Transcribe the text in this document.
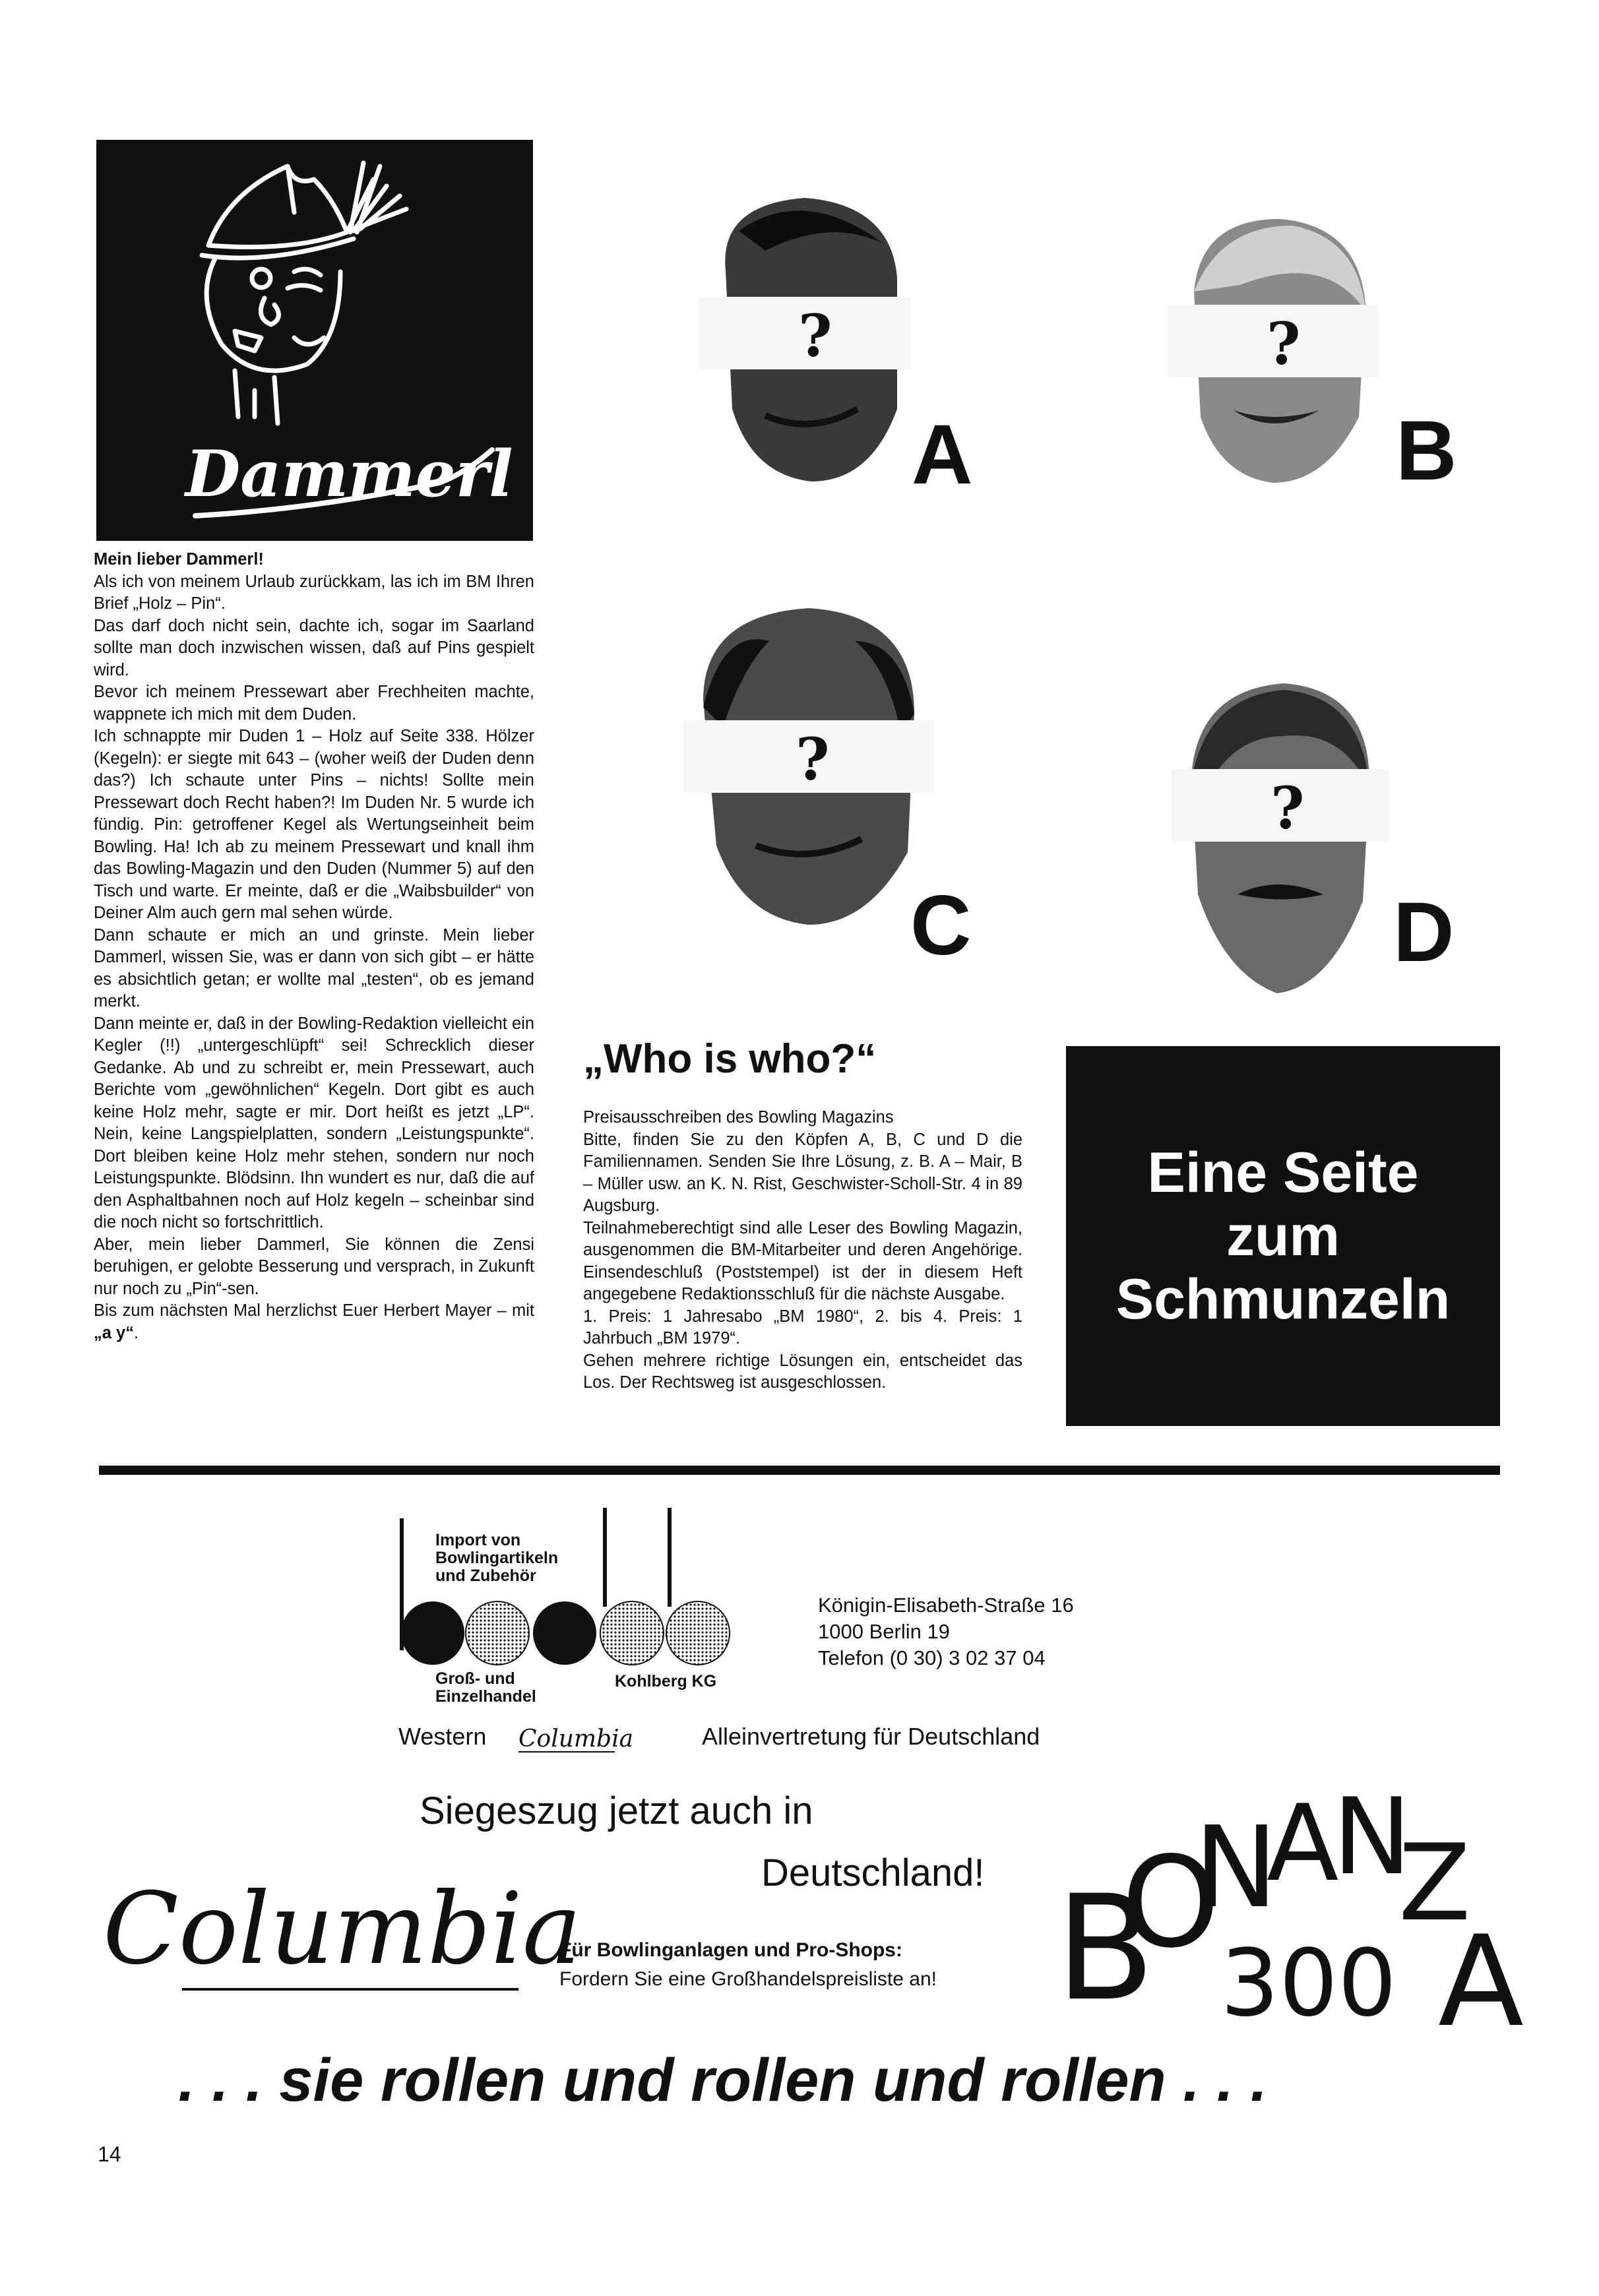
Dammerl

Mein lieber Dammerl!

Als ich von meinem Urlaub zurückkam, las ich im BM Ihren Brief „Holz – Pin“.

Das darf doch nicht sein, dachte ich, sogar im Saarland sollte man doch inzwischen wissen, daß auf Pins gespielt wird.

Bevor ich meinem Pressewart aber Frechheiten machte, wappnete ich mich mit dem Duden.

Ich schnappte mir Duden 1 – Holz auf Seite 338. Hölzer (Kegeln): er siegte mit 643 – (woher weiß der Duden denn das?) Ich schaute unter Pins – nichts! Sollte mein Pressewart doch Recht haben?! Im Duden Nr. 5 wurde ich fündig. Pin: getroffener Kegel als Wertungseinheit beim Bowling. Ha! Ich ab zu meinem Pressewart und knall ihm das Bowling-Magazin und den Duden (Nummer 5) auf den Tisch und warte. Er meinte, daß er die „Waibsbuilder“ von Deiner Alm auch gern mal sehen würde.

Dann schaute er mich an und grinste. Mein lieber Dammerl, wissen Sie, was er dann von sich gibt – er hätte es absichtlich getan; er wollte mal „testen“, ob es jemand merkt.

Dann meinte er, daß in der Bowling-Redaktion vielleicht ein Kegler (!!) „untergeschlüpft“ sei! Schrecklich dieser Gedanke. Ab und zu schreibt er, mein Pressewart, auch Berichte vom „gewöhnlichen“ Kegeln. Dort gibt es auch keine Holz mehr, sagte er mir. Dort heißt es jetzt „LP“. Nein, keine Langspielplatten, sondern „Leistungspunkte“. Dort bleiben keine Holz mehr stehen, sondern nur noch Leistungspunkte. Blödsinn. Ihn wundert es nur, daß die auf den Asphaltbahnen noch auf Holz kegeln – scheinbar sind die noch nicht so fortschrittlich.

Aber, mein lieber Dammerl, Sie können die Zensi beruhigen, er gelobte Besserung und versprach, in Zukunft nur noch zu „Pin“-sen.

Bis zum nächsten Mal herzlichst Euer Herbert Mayer – mit „a y“.

?
A
?
B
?
C
?
D
„Who is who?“

Preisausschreiben des Bowling Magazins

Bitte, finden Sie zu den Köpfen A, B, C und D die Familiennamen. Senden Sie Ihre Lösung, z. B. A – Mair, B – Müller usw. an K. N. Rist, Geschwister-Scholl-Str. 4 in 89 Augsburg.

Teilnahmeberechtigt sind alle Leser des Bowling Magazin, ausgenommen die BM-Mitarbeiter und deren Angehörige. Einsendeschluß (Poststempel) ist der in diesem Heft angegebene Redaktionsschluß für die nächste Ausgabe.

1. Preis: 1 Jahresabo „BM 1980“, 2. bis 4. Preis: 1 Jahrbuch „BM 1979“.

Gehen mehrere richtige Lösungen ein, entscheidet das Los. Der Rechtsweg ist ausgeschlossen.

Eine Seite
zum
Schmunzeln
Import von
Bowlingartikeln
und Zubehör
Groß- und
Einzelhandel
Kohlberg KG
Königin-Elisabeth-Straße 16
1000 Berlin 19
Telefon (0 30) 3 02 37 04
Western Columbia	Alleinvertretung für Deutschland
Siegeszug jetzt auch in
Deutschland!
Columbia
Für Bowlinganlagen und Pro-Shops:
Fordern Sie eine Großhandelspreisliste an! B
O
N
A
N
Z
A
300
. . . sie rollen und rollen und rollen . . .
14
